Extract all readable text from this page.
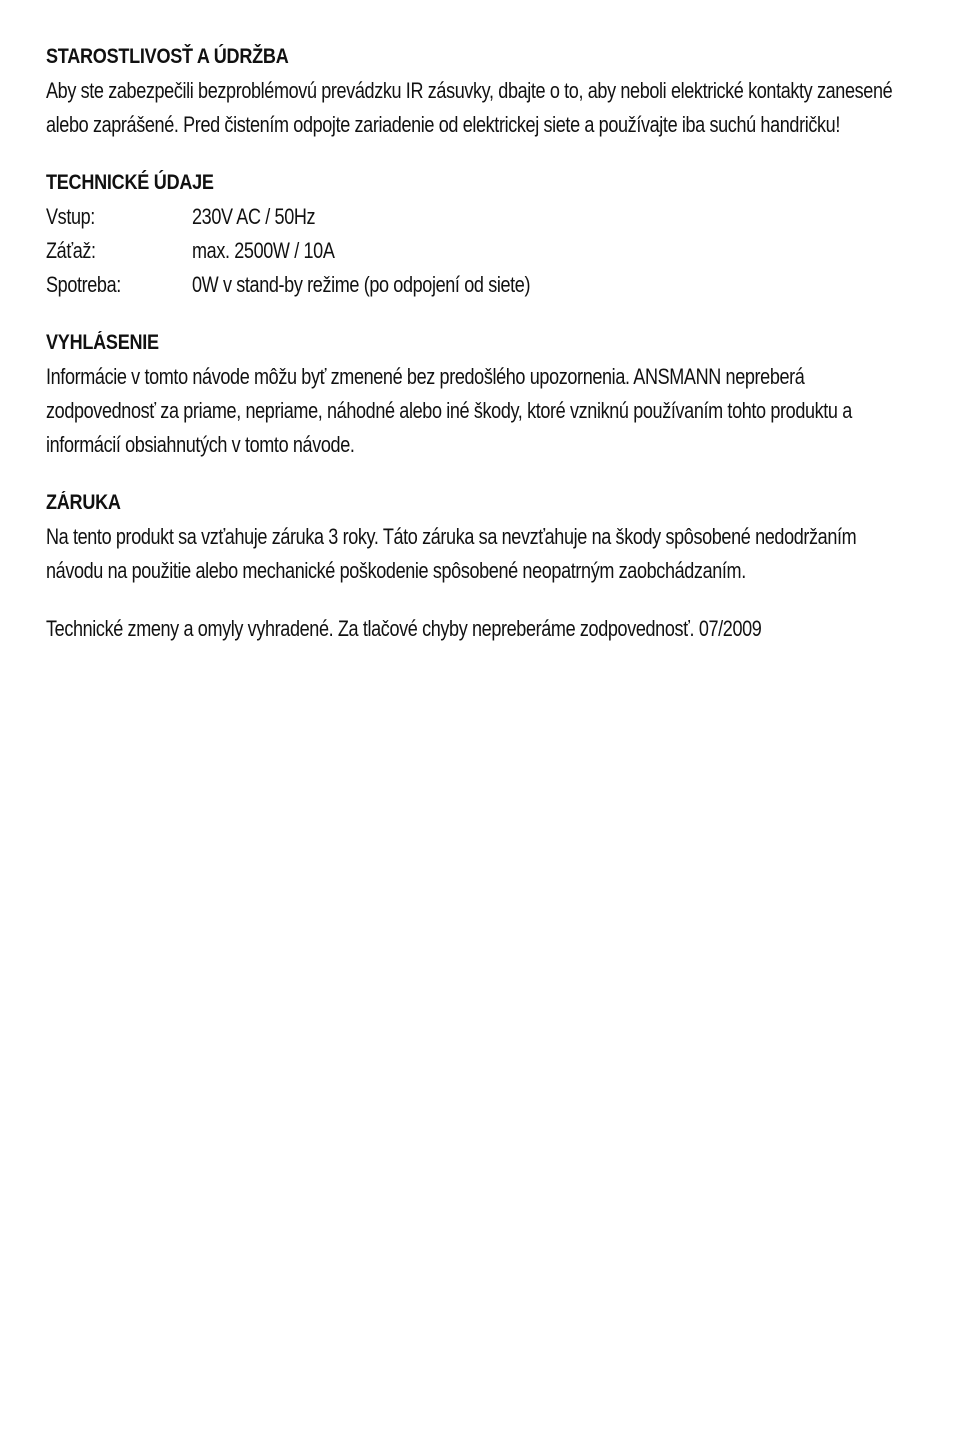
STAROSTLIVOSŤ A ÚDRŽBA

Aby ste zabezpečili bezproblémovú prevádzku IR zásuvky, dbajte o to, aby neboli elektrické kontakty zanesené alebo zaprášené. Pred čistením odpojte zariadenie od elektrickej siete a používajte iba suchú handričku!

TECHNICKÉ ÚDAJE
Vstup:	230V AC / 50Hz
Záťaž:	max. 2500W / 10A
Spotreba:	0W v stand-by režime (po odpojení od siete)
VYHLÁSENIE

Informácie v tomto návode môžu byť zmenené bez predošlého upozornenia. ANSMANN nepreberá zodpovednosť za priame, nepriame, náhodné alebo iné škody, ktoré vzniknú používaním tohto produktu a informácií obsiahnutých v tomto návode.

ZÁRUKA

Na tento produkt sa vzťahuje záruka 3 roky. Táto záruka sa nevzťahuje na škody spôsobené nedodržaním návodu na použitie alebo mechanické poškodenie spôsobené neopatrným zaobchádzaním.

Technické zmeny a omyly vyhradené. Za tlačové chyby nepreberáme zodpovednosť. 07/2009
